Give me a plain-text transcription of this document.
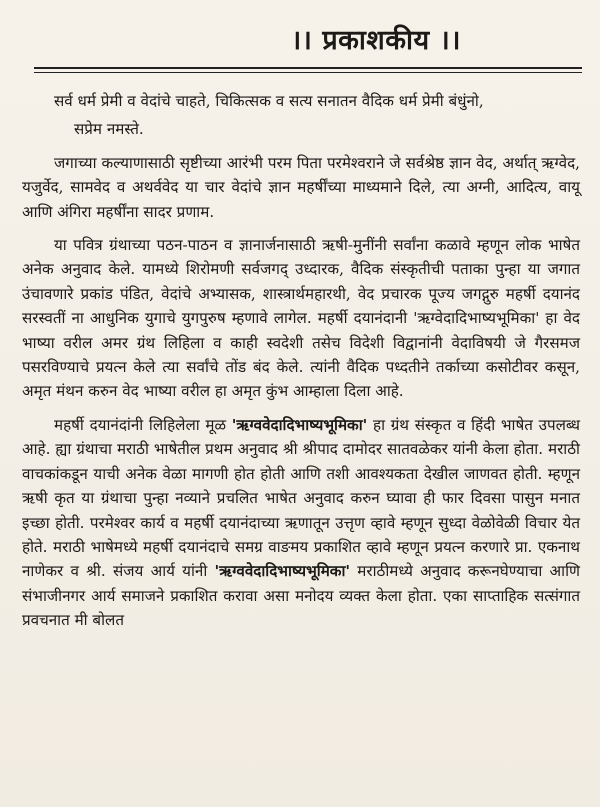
।। प्रकाशकीय ।।

सर्व धर्म प्रेमी व वेदांचे चाहते, चिकित्सक व सत्य सनातन वैदिक धर्म प्रेमी बंधुंनो,

सप्रेम नमस्ते.

जगाच्या कल्याणासाठी सृष्टीच्या आरंभी परम पिता परमेश्वराने जे सर्वश्रेष्ठ ज्ञान वेद, अर्थात् ऋग्वेद, यजुर्वेद, सामवेद व अथर्ववेद या चार वेदांचे ज्ञान महर्षींच्या माध्यमाने दिले, त्या अग्नी, आदित्य, वायू आणि अंगिरा महर्षींना सादर प्रणाम.

या पवित्र ग्रंथाच्या पठन-पाठन व ज्ञानार्जनासाठी ऋषी-मुनींनी सर्वांना कळावे म्हणून लोक भाषेत अनेक अनुवाद केले. यामध्ये शिरोमणी सर्वजगद् उध्दारक, वैदिक संस्कृतीची पताका पुन्हा या जगात उंचावणारे प्रकांड पंडित, वेदांचे अभ्यासक, शास्त्रार्थमहारथी, वेद प्रचारक पूज्य जगद्गुरु महर्षी दयानंद सरस्वतीं ना आधुनिक युगाचे युगपुरुष म्हणावे लागेल. महर्षी दयानंदानी 'ऋग्वेदादिभाष्यभूमिका' हा वेद भाष्या वरील अमर ग्रंथ लिहिला व काही स्वदेशी तसेच विदेशी विद्वानांनी वेदाविषयी जे गैरसमज पसरविण्याचे प्रयत्न केले त्या सर्वांचे तोंड बंद केले. त्यांनी वैदिक पध्दतीने तर्काच्या कसोटीवर कसून, अमृत मंथन करुन वेद भाष्या वरील हा अमृत कुंभ आम्हाला दिला आहे.

महर्षी दयानंदांनी लिहिलेला मूळ 'ऋग्ववेदादिभाष्यभूमिका' हा ग्रंथ संस्कृत व हिंदी भाषेत उपलब्ध आहे. ह्या ग्रंथाचा मराठी भाषेतील प्रथम अनुवाद श्री श्रीपाद दामोदर सातवळेकर यांनी केला होता. मराठी वाचकांकडून याची अनेक वेळा मागणी होत होती आणि तशी आवश्यकता देखील जाणवत होती. म्हणून ऋषी कृत या ग्रंथाचा पुन्हा नव्याने प्रचलित भाषेत अनुवाद करुन घ्यावा ही फार दिवसा पासुन मनात इच्छा होती. परमेश्वर कार्य व महर्षी दयानंदाच्या ऋणातून उत्तृण व्हावे म्हणून सुध्दा वेळोवेळी विचार येत होते. मराठी भाषेमध्ये महर्षी दयानंदाचे समग्र वाङमय प्रकाशित व्हावे म्हणून प्रयत्न करणारे प्रा. एकनाथ नाणेकर व श्री. संजय आर्य यांनी 'ऋग्ववेदादिभाष्यभूमिका' मराठीमध्ये अनुवाद करूनघेण्याचा आणि संभाजीनगर आर्य समाजने प्रकाशित करावा असा मनोदय व्यक्त केला होता. एका साप्ताहिक सत्संगात प्रवचनात मी बोलत
